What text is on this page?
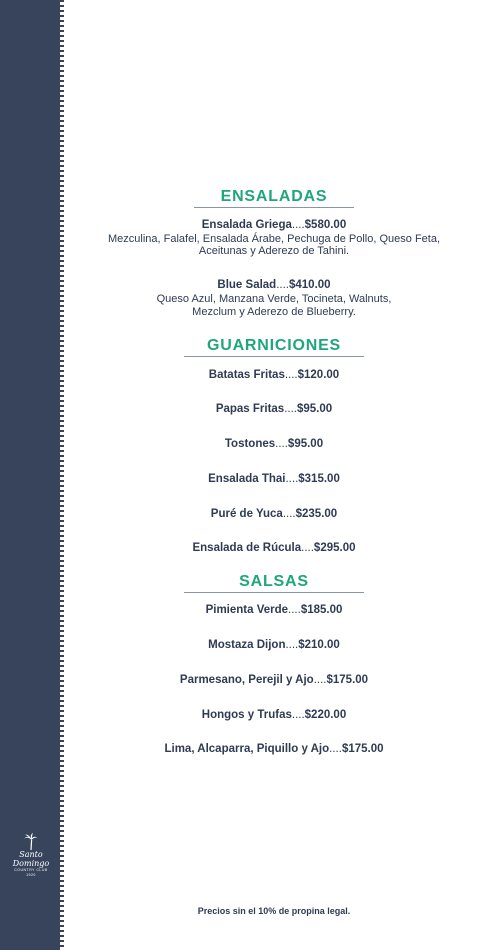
Santo Domingo
COUNTRY CLUB
1920
ENSALADAS
Ensalada Griega....$580.00
Mezculina, Falafel, Ensalada Árabe, Pechuga de Pollo, Queso Feta,
Aceitunas y Aderezo de Tahini.
Blue Salad....$410.00
Queso Azul, Manzana Verde, Tocineta, Walnuts,
Mezclum y Aderezo de Blueberry.
GUARNICIONES
Batatas Fritas....$120.00
Papas Fritas....$95.00
Tostones....$95.00
Ensalada Thai....$315.00
Puré de Yuca....$235.00
Ensalada de Rúcula....$295.00
SALSAS
Pimienta Verde....$185.00
Mostaza Dijon....$210.00
Parmesano, Perejil y Ajo....$175.00
Hongos y Trufas....$220.00
Lima, Alcaparra, Piquillo y Ajo....$175.00
Precios sin el 10% de propina legal.
